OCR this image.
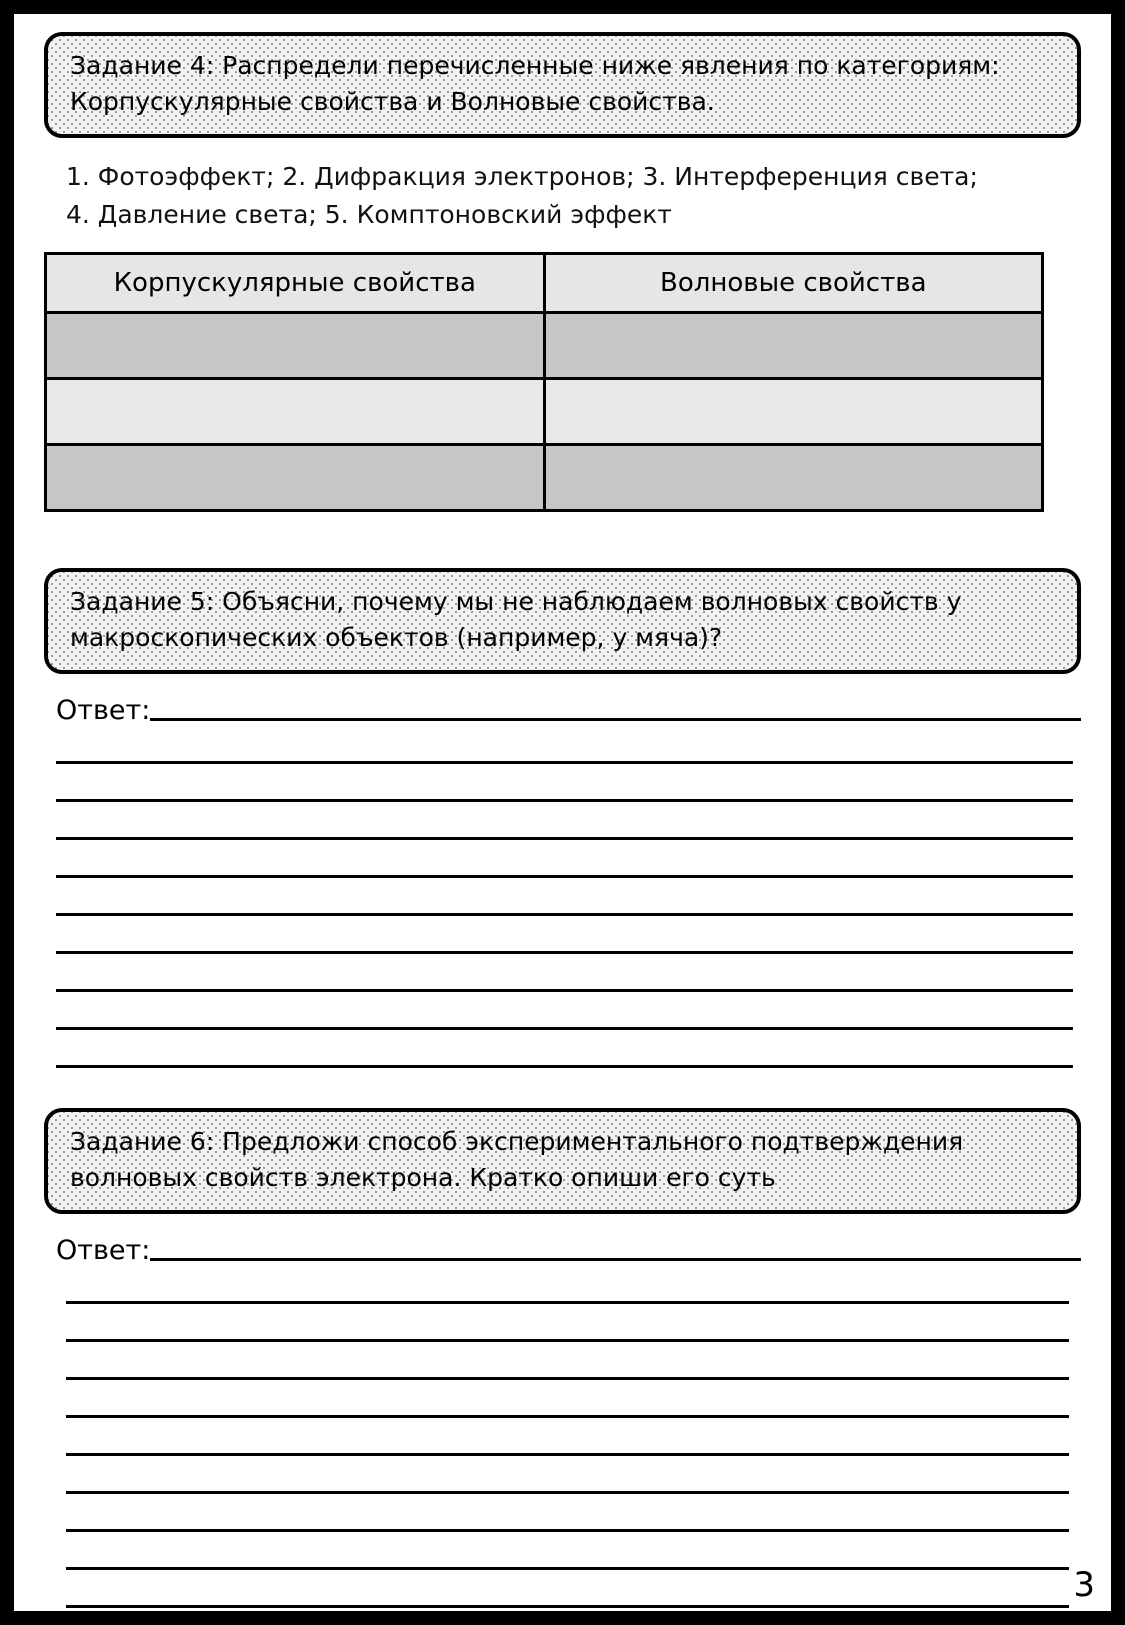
Задание 4: Распредели перечисленные ниже явления по категориям:
Корпускулярные свойства и Волновые свойства.
1. Фотоэффект; 2. Дифракция электронов; 3. Интерференция света;
4. Давление света; 5. Комптоновский эффект
Корпускулярные свойства	Волновые свойства

Задание 5: Объясни, почему мы не наблюдаем волновых свойств у
макроскопических объектов (например, у мяча)?
Ответ:
Задание 6: Предложи способ экспериментального подтверждения
волновых свойств электрона. Кратко опиши его суть
Ответ:
3
